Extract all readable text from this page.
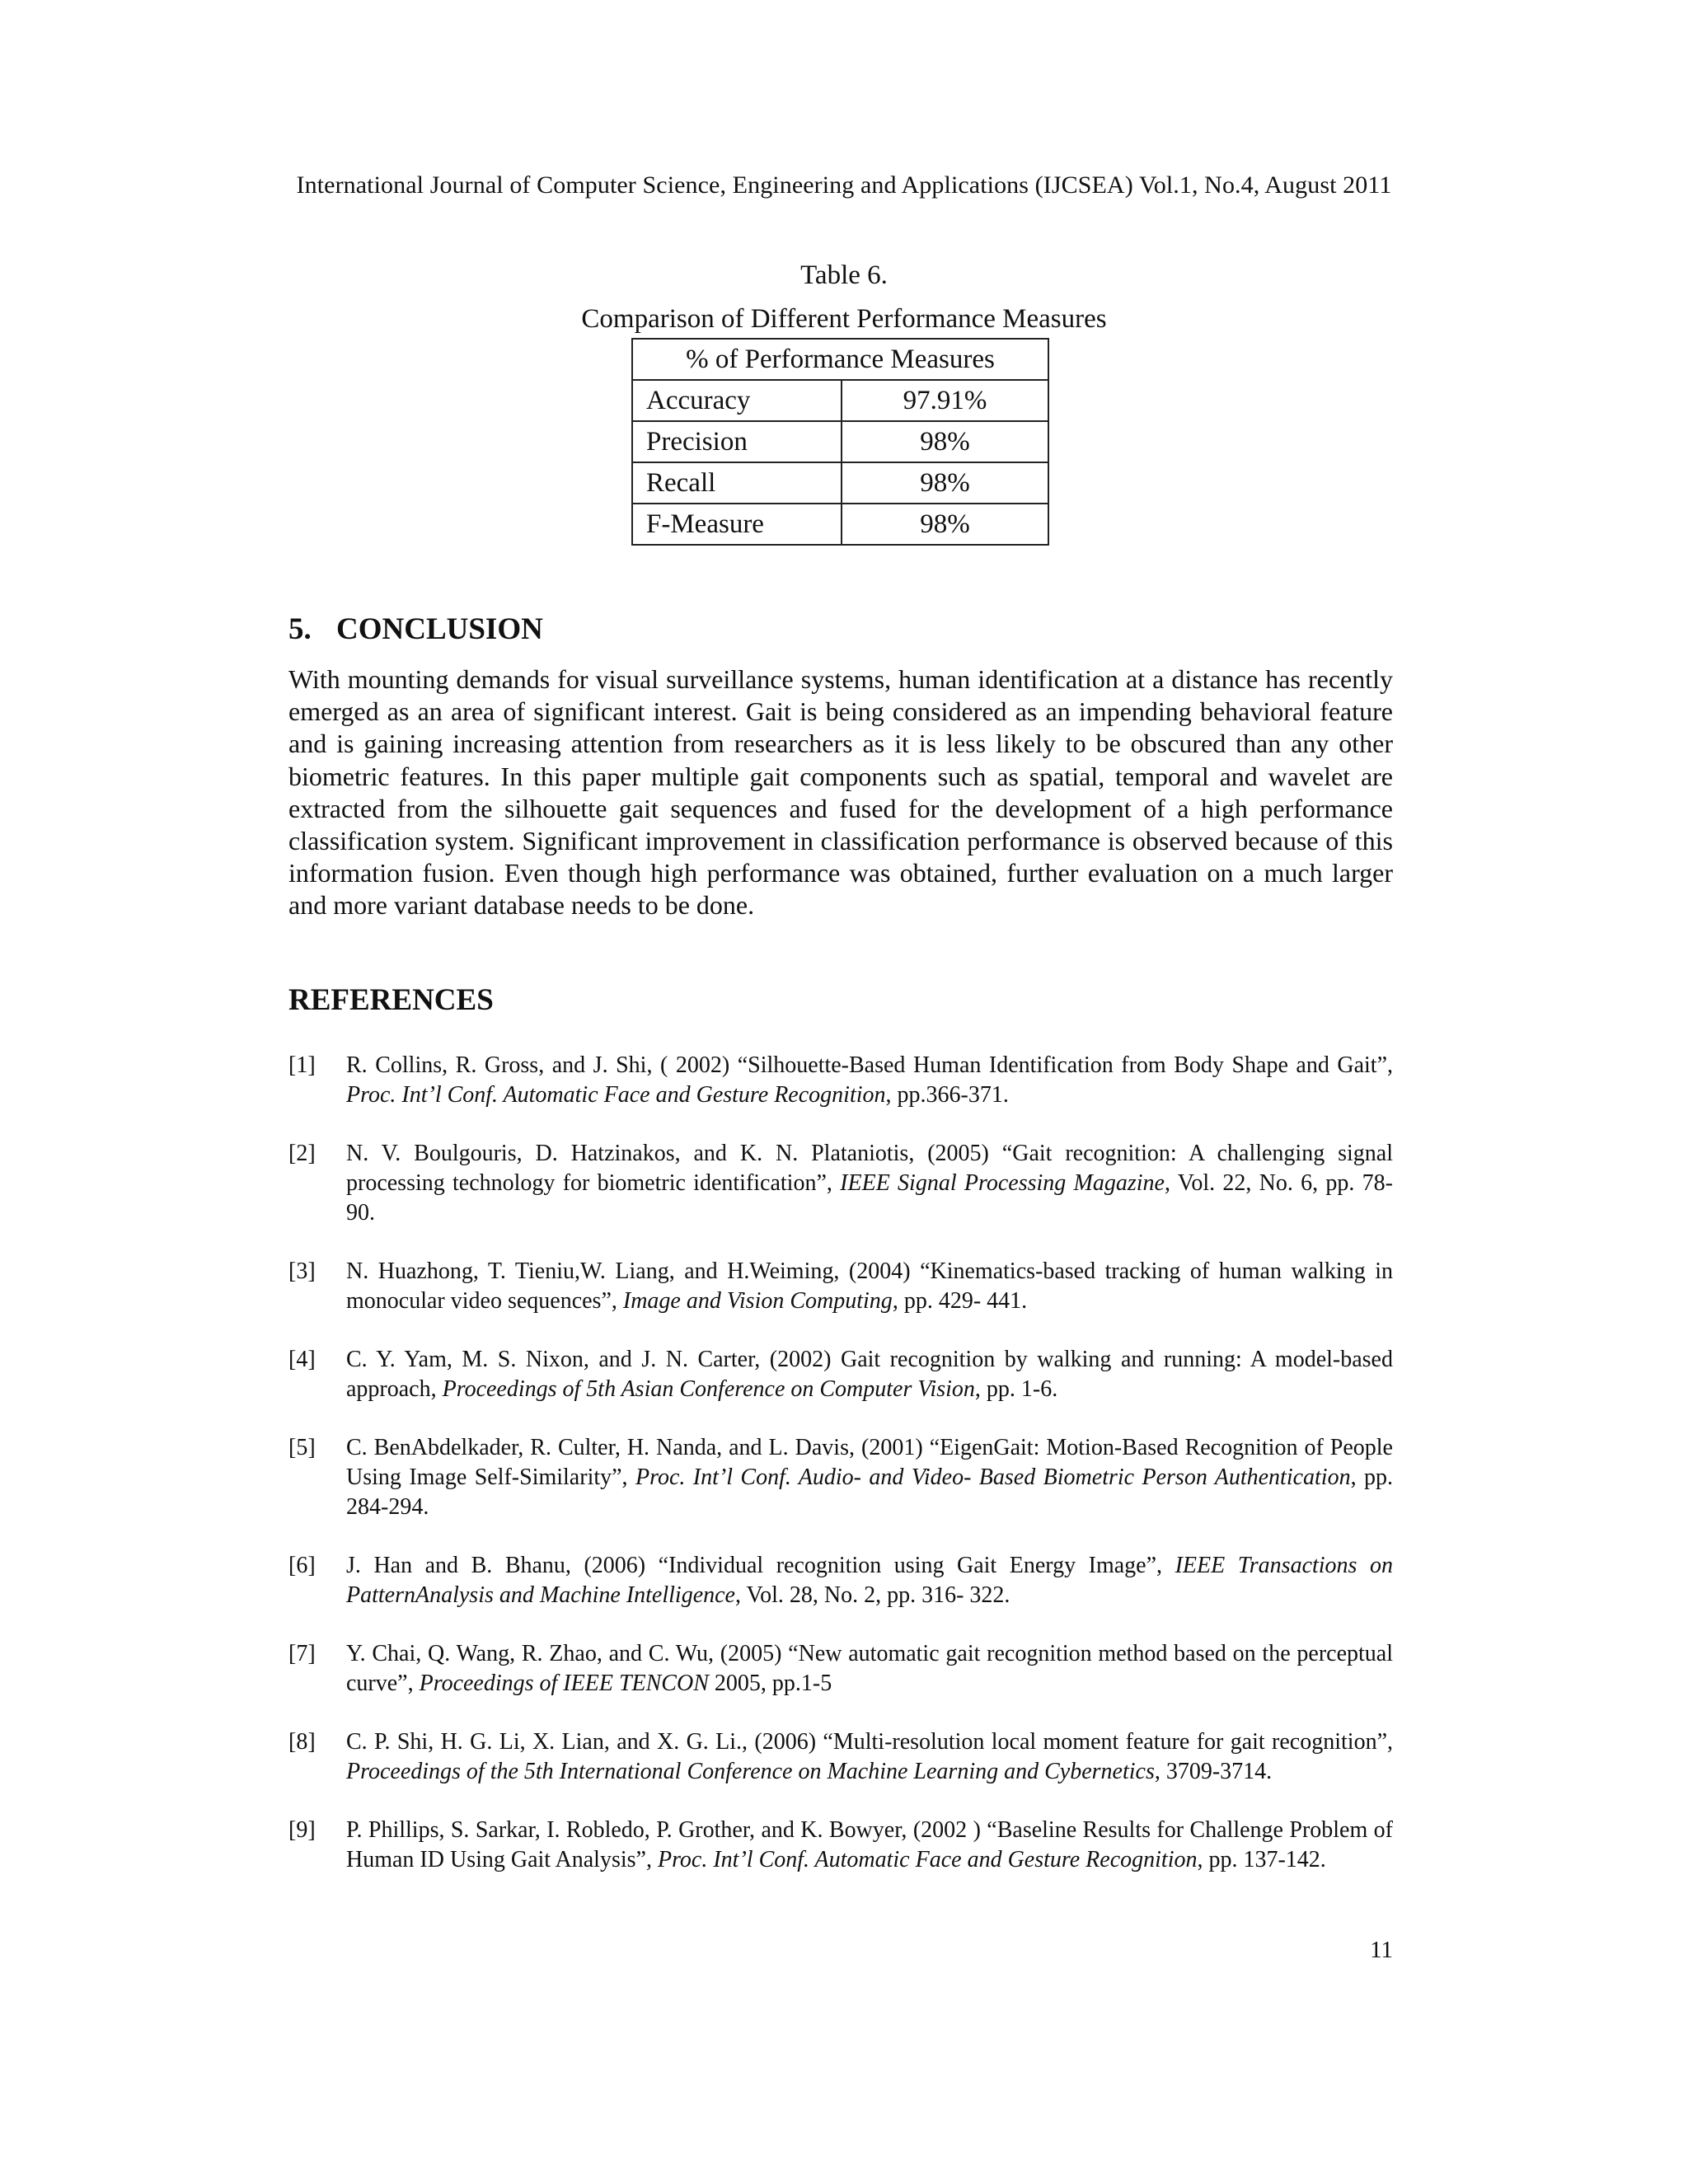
International Journal of Computer Science, Engineering and Applications (IJCSEA) Vol.1, No.4, August 2011
Table 6.
Comparison of Different Performance Measures
% of Performance Measures	
Accuracy	97.91%
Precision	98%
Recall	98%
F-Measure	98%
5. CONCLUSION
With mounting demands for visual surveillance systems, human identification at a distance has recently emerged as an area of significant interest. Gait is being considered as an impending behavioral feature and is gaining increasing attention from researchers as it is less likely to be obscured than any other biometric features. In this paper multiple gait components such as spatial, temporal and wavelet are extracted from the silhouette gait sequences and fused for the development of a high performance classification system. Significant improvement in classification performance is observed because of this information fusion. Even though high performance was obtained, further evaluation on a much larger and more variant database needs to be done.
REFERENCES
[1] R. Collins, R. Gross, and J. Shi, ( 2002) “Silhouette-Based Human Identification from Body Shape and Gait”, Proc. Int’l Conf. Automatic Face and Gesture Recognition, pp.366-371.
[2] N. V. Boulgouris, D. Hatzinakos, and K. N. Plataniotis, (2005) “Gait recognition: A challenging signal processing technology for biometric identification”, IEEE Signal Processing Magazine, Vol. 22, No. 6, pp. 78-90.
[3] N. Huazhong, T. Tieniu,W. Liang, and H.Weiming, (2004) “Kinematics-based tracking of human walking in monocular video sequences”, Image and Vision Computing, pp. 429- 441.
[4] C. Y. Yam, M. S. Nixon, and J. N. Carter, (2002) Gait recognition by walking and running: A model-based approach, Proceedings of 5th Asian Conference on Computer Vision, pp. 1-6.
[5] C. BenAbdelkader, R. Culter, H. Nanda, and L. Davis, (2001) “EigenGait: Motion-Based Recognition of People Using Image Self-Similarity”, Proc. Int’l Conf. Audio- and Video- Based Biometric Person Authentication, pp. 284-294.
[6] J. Han and B. Bhanu, (2006) “Individual recognition using Gait Energy Image”, IEEE Transactions on PatternAnalysis and Machine Intelligence, Vol. 28, No. 2, pp. 316- 322.
[7] Y. Chai, Q. Wang, R. Zhao, and C. Wu, (2005) “New automatic gait recognition method based on the perceptual curve”, Proceedings of IEEE TENCON 2005, pp.1-5
[8] C. P. Shi, H. G. Li, X. Lian, and X. G. Li., (2006) “Multi-resolution local moment feature for gait recognition”, Proceedings of the 5th International Conference on Machine Learning and Cybernetics, 3709-3714.
[9] P. Phillips, S. Sarkar, I. Robledo, P. Grother, and K. Bowyer, (2002 ) “Baseline Results for Challenge Problem of Human ID Using Gait Analysis”, Proc. Int’l Conf. Automatic Face and Gesture Recognition, pp. 137-142.
11
